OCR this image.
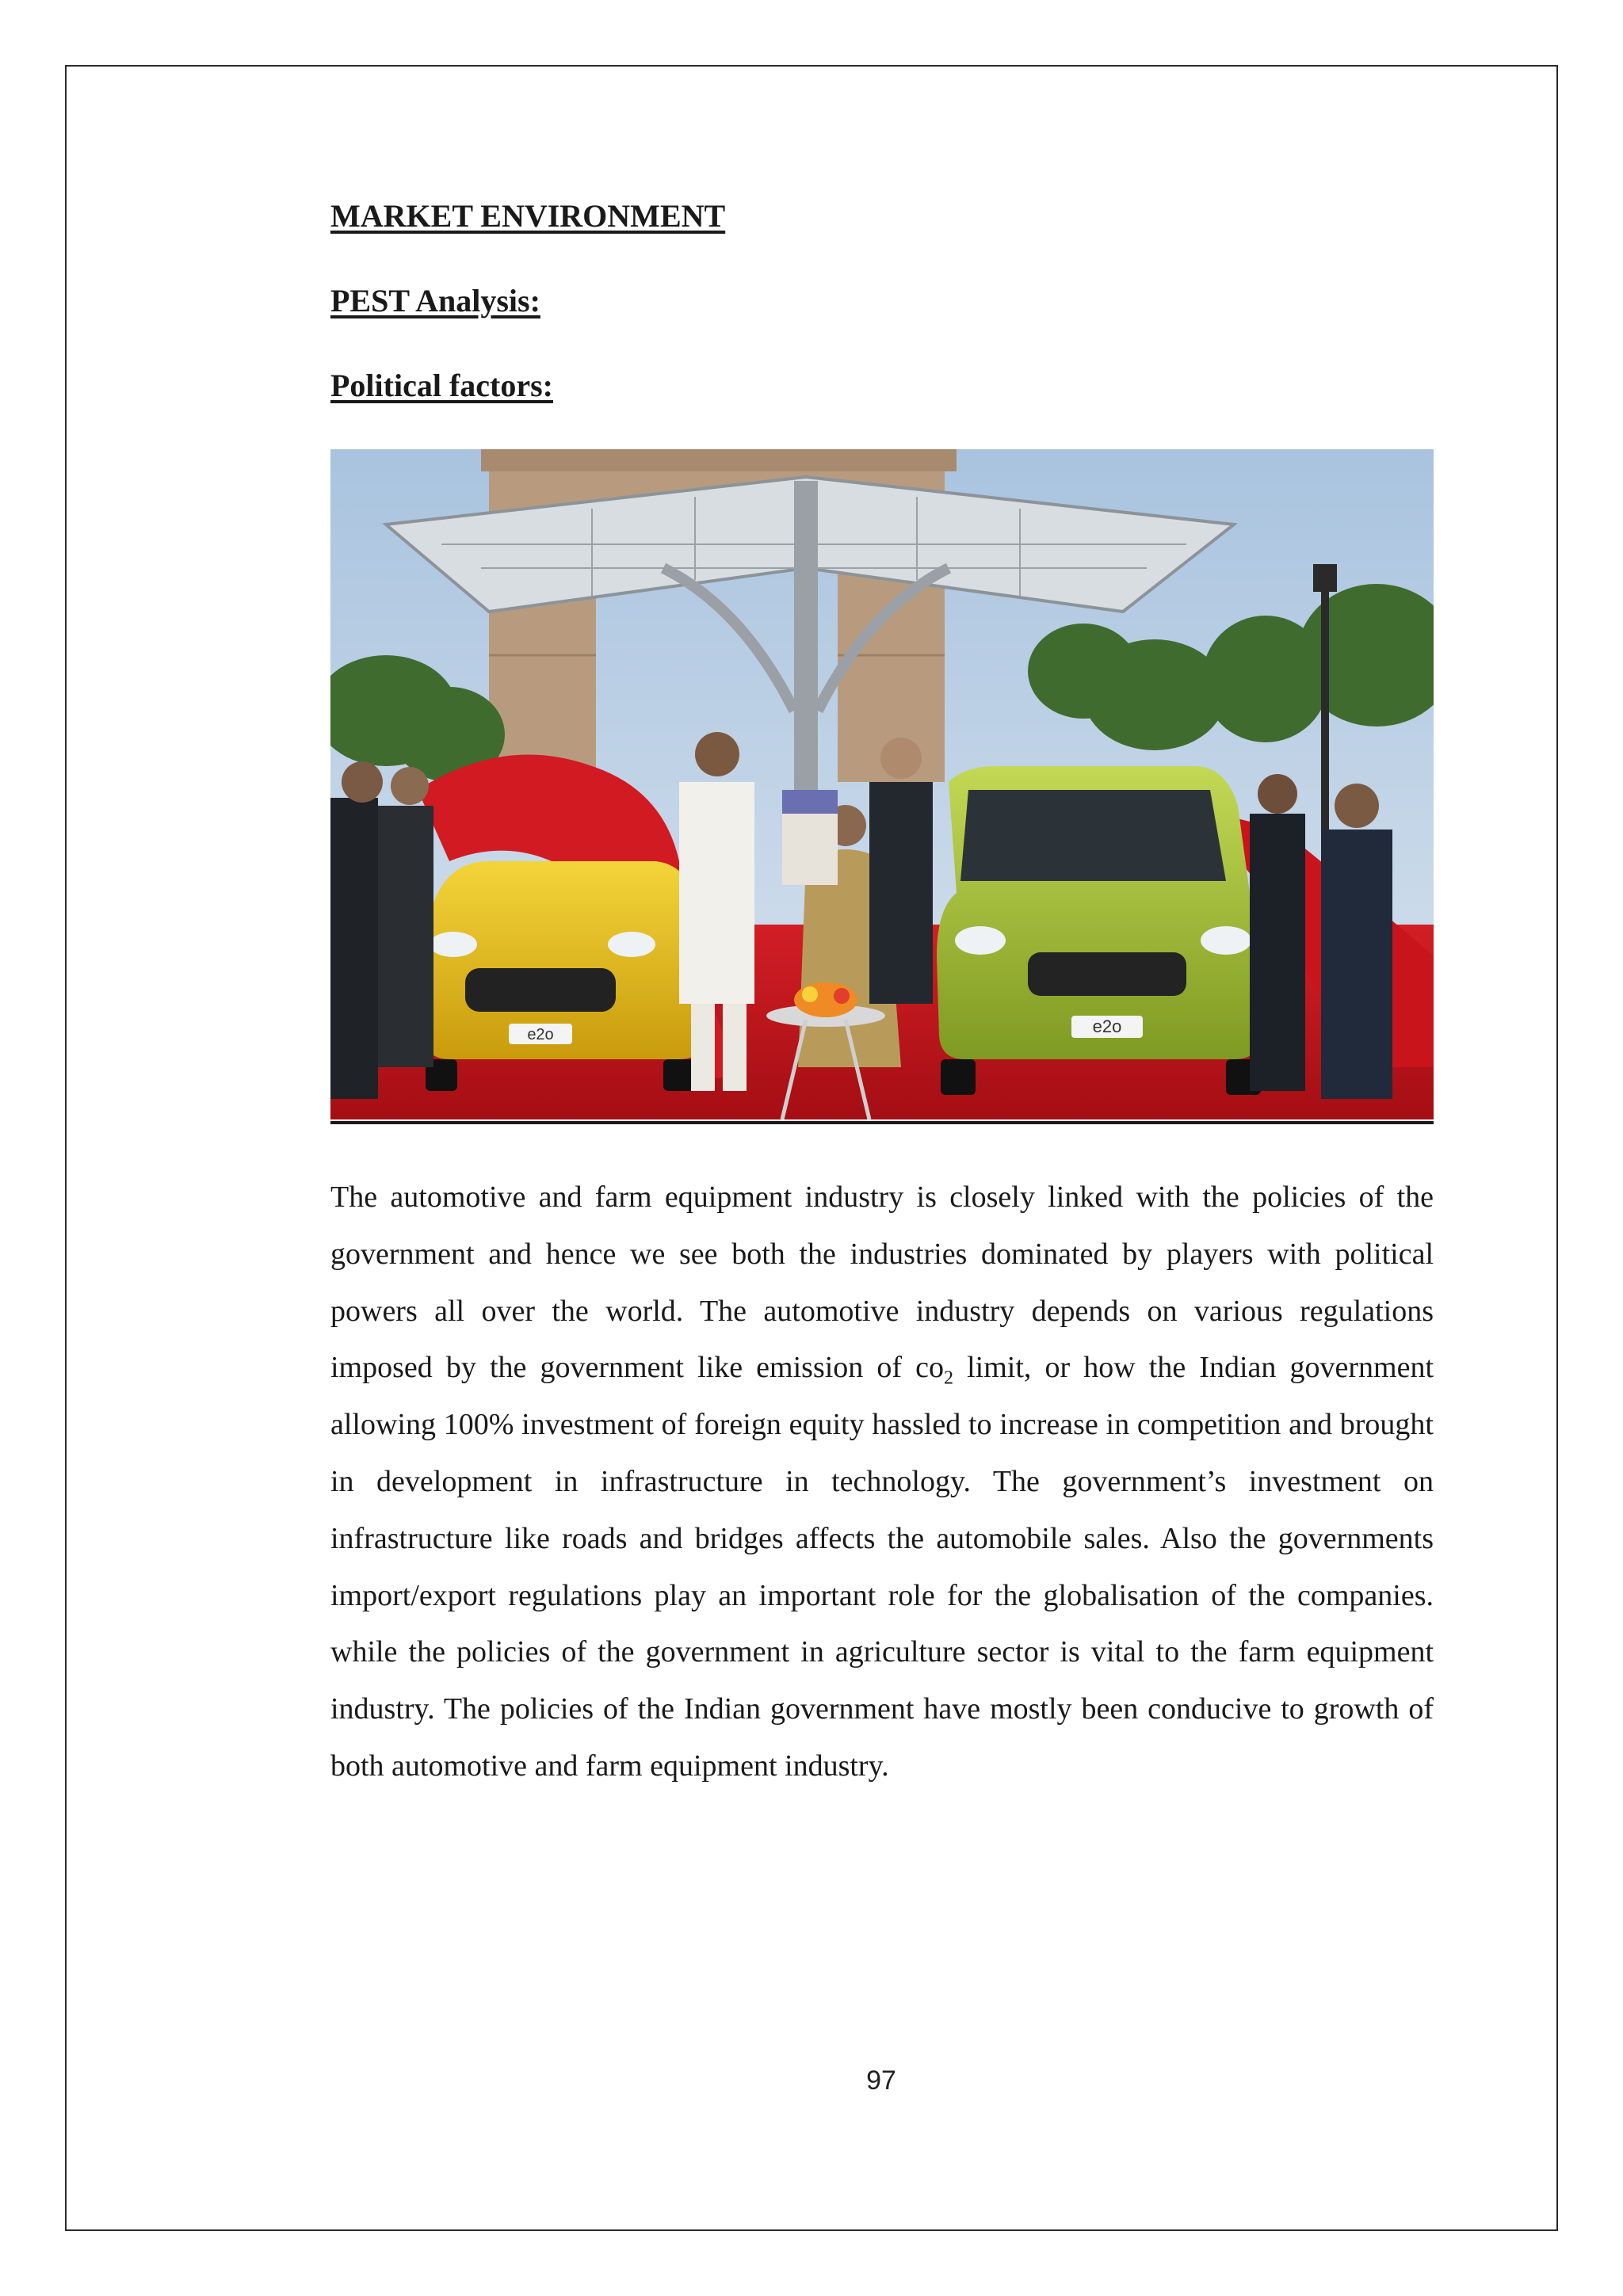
MARKET ENVIRONMENT
PEST Analysis:
Political factors:
e2o	e2o

The automotive and farm equipment industry is closely linked with the policies of the government and hence we see both the industries dominated by players with political powers all over the world. The automotive industry depends on various regulations imposed by the government like emission of $co_2$ limit, or how the Indian government allowing 100% investment of foreign equity hassled to increase in competition and brought in development in infrastructure in technology. The government’s investment on infrastructure like roads and bridges affects the automobile sales. Also the governments import/export regulations play an important role for the globalisation of the companies. while the policies of the government in agriculture sector is vital to the farm equipment industry. The policies of the Indian government have mostly been conducive to growth of both automotive and farm equipment industry.

97
